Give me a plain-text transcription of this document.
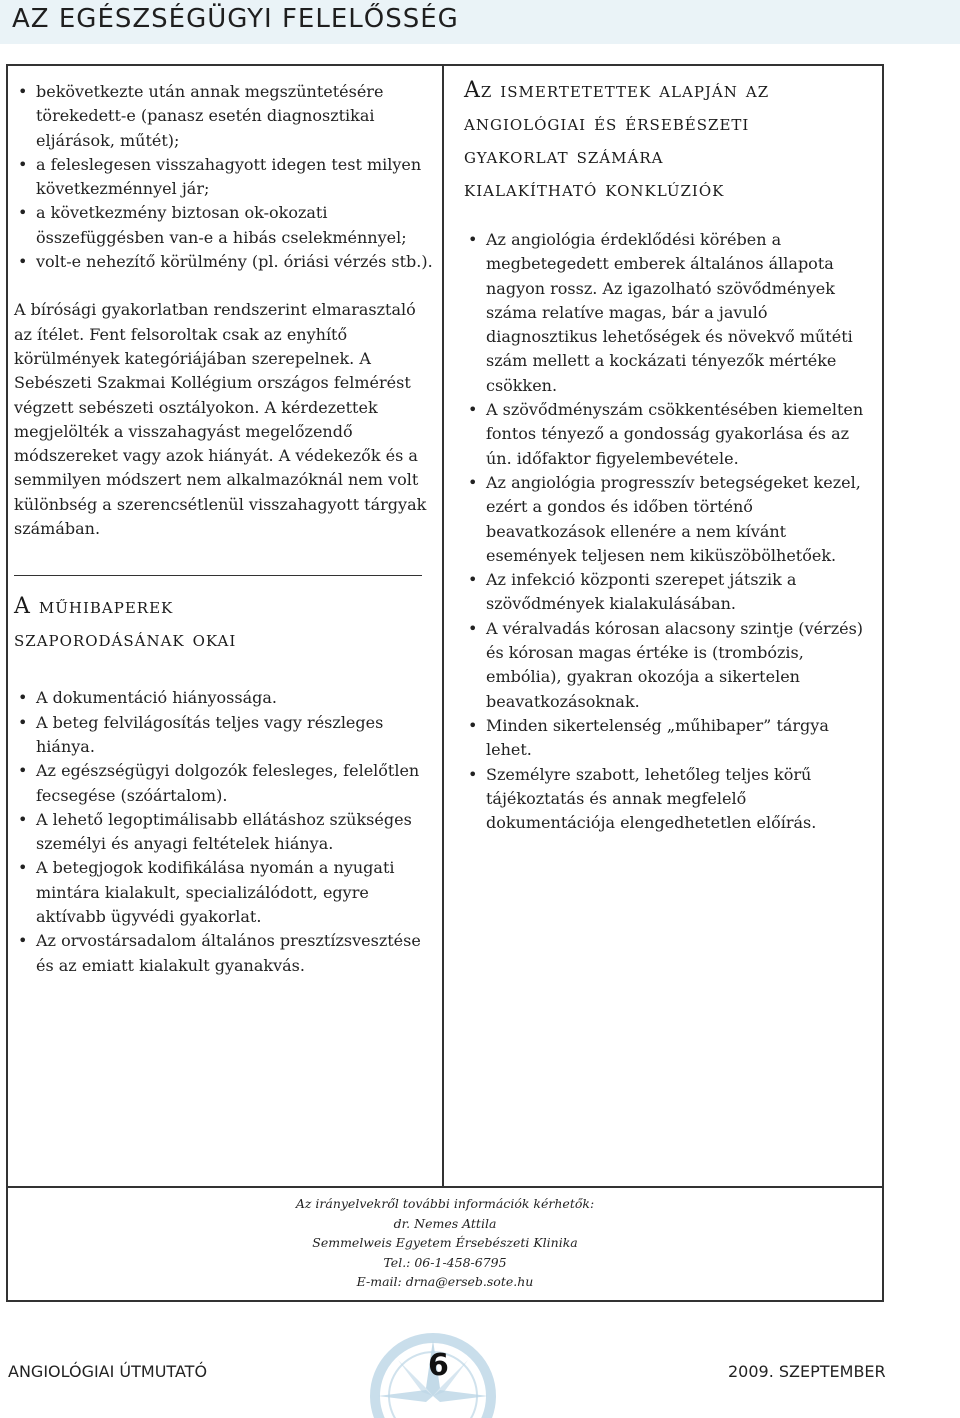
AZ EGÉSZSÉGÜGYI FELELŐSSÉG
• bekövetkezte után annak megszüntetésére törekedett-e (panasz esetén diagnosztikai eljárások, műtét);
• a feleslegesen visszahagyott idegen test milyen következménnyel jár;
• a következmény biztosan ok-okozati összefüggésben van-e a hibás cselekménnyel;
• volt-e nehezítő körülmény (pl. óriási vérzés stb.).

A bírósági gyakorlatban rendszerint elmarasztaló az ítélet. Fent felsoroltak csak az enyhítő körülmények kategóriájában szerepelnek. A Sebészeti Szakmai Kollégium országos felmérést végzett sebészeti osztályokon. A kérdezettek megjelölték a visszahagyást megelőzendő módszereket vagy azok hiányát. A védekezők és a semmilyen módszert nem alkalmazóknál nem volt különbség a szerencsétlenül visszahagyott tárgyak számában.

A műhibaperek

szaporodásának okai

• A dokumentáció hiányossága.
• A beteg felvilágosítás teljes vagy részleges hiánya.
• Az egészségügyi dolgozók felesleges, felelőtlen fecsegése (szóártalom).
• A lehető legoptimálisabb ellátáshoz szükséges személyi és anyagi feltételek hiánya.
• A betegjogok kodifikálása nyomán a nyugati mintára kialakult, specializálódott, egyre aktívabb ügyvédi gyakorlat.
• Az orvostársadalom általános presztízsvesztése és az emiatt kialakult gyanakvás.

Az ismertetettek alapján az

angiológiai és érsebészeti

gyakorlat számára

kialakítható konklúziók

• Az angiológia érdeklődési körében a megbetegedett emberek általános állapota nagyon rossz. Az igazolható szövődmények száma relatíve magas, bár a javuló diagnosztikus lehetőségek és növekvő műtéti szám mellett a kockázati tényezők mértéke csökken.
• A szövődményszám csökkentésében kiemelten fontos tényező a gondosság gyakorlása és az ún. időfaktor figyelembevétele.
• Az angiológia progresszív betegségeket kezel, ezért a gondos és időben történő beavatkozások ellenére a nem kívánt események teljesen nem kiküszöbölhetőek.
• Az infekció központi szerepet játszik a szövődmények kialakulásában.
• A véralvadás kórosan alacsony szintje (vérzés) és kórosan magas értéke is (trombózis, embólia), gyakran okozója a sikertelen beavatkozásoknak.
• Minden sikertelenség „műhibaper” tárgya lehet.
• Személyre szabott, lehetőleg teljes körű tájékoztatás és annak megfelelő dokumentációja elengedhetetlen előírás.
Az irányelvekről további információk kérhetők:
dr. Nemes Attila
Semmelweis Egyetem Érsebészeti Klinika
Tel.: 06-1-458-6795
E-mail: drna@erseb.sote.hu
ANGIOLÓGIAI ÚTMUTATÓ	6	2009. SZEPTEMBER
